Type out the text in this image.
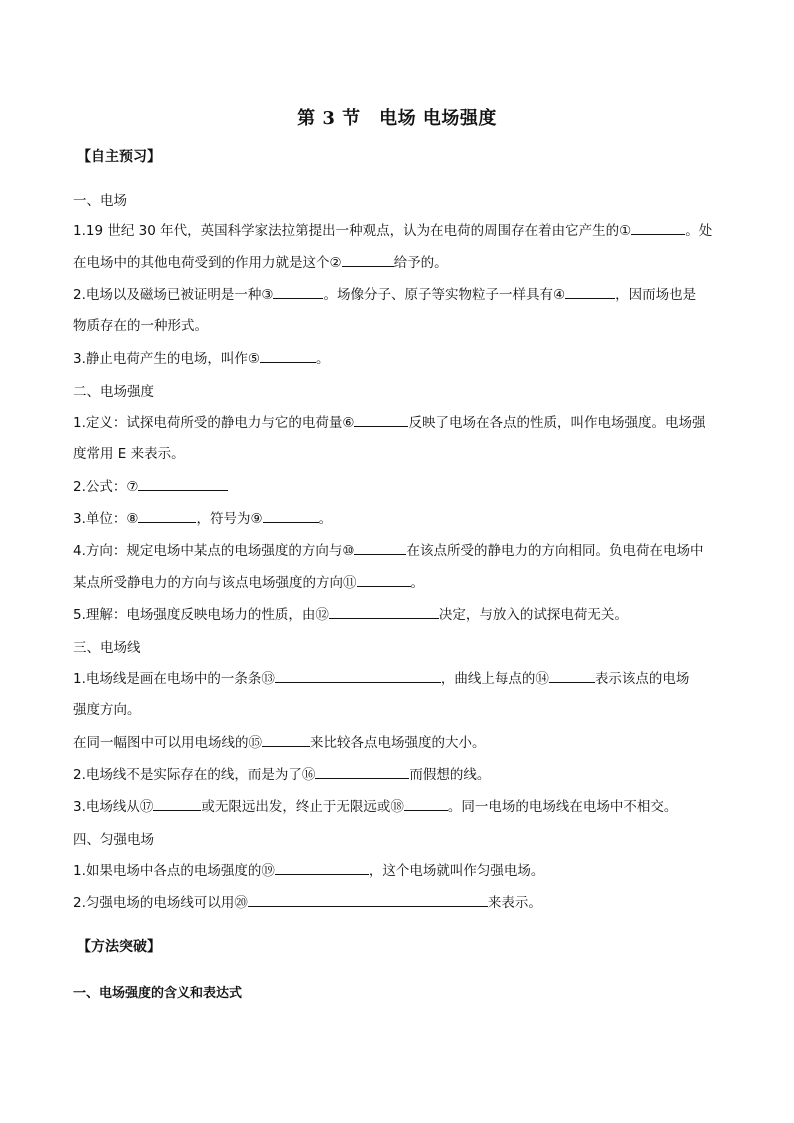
第 3 节　电场 电场强度
【自主预习】
一、电场
1.19 世纪 30 年代，英国科学家法拉第提出一种观点，认为在电荷的周围存在着由它产生的①	。处
在电场中的其他电荷受到的作用力就是这个②	给予的。
2.电场以及磁场已被证明是一种③	。场像分子、原子等实物粒子一样具有④	，因而场也是
物质存在的一种形式。
3.静止电荷产生的电场，叫作⑤	。
二、电场强度
1.定义：试探电荷所受的静电力与它的电荷量⑥	反映了电场在各点的性质，叫作电场强度。电场强
度常用 E 来表示。
2.公式：⑦
3.单位：⑧	，符号为⑨	。
4.方向：规定电场中某点的电场强度的方向与⑩	在该点所受的静电力的方向相同。负电荷在电场中
某点所受静电力的方向与该点电场强度的方向⑪	。
5.理解：电场强度反映电场力的性质，由⑫	决定，与放入的试探电荷无关。
三、电场线
1.电场线是画在电场中的一条条⑬	，曲线上每点的⑭	表示该点的电场
强度方向。
在同一幅图中可以用电场线的⑮	来比较各点电场强度的大小。
2.电场线不是实际存在的线，而是为了⑯	而假想的线。
3.电场线从⑰	或无限远出发，终止于无限远或⑱	。同一电场的电场线在电场中不相交。
四、匀强电场
1.如果电场中各点的电场强度的⑲	，这个电场就叫作匀强电场。
2.匀强电场的电场线可以用⑳	来表示。
【方法突破】
一、电场强度的含义和表达式
